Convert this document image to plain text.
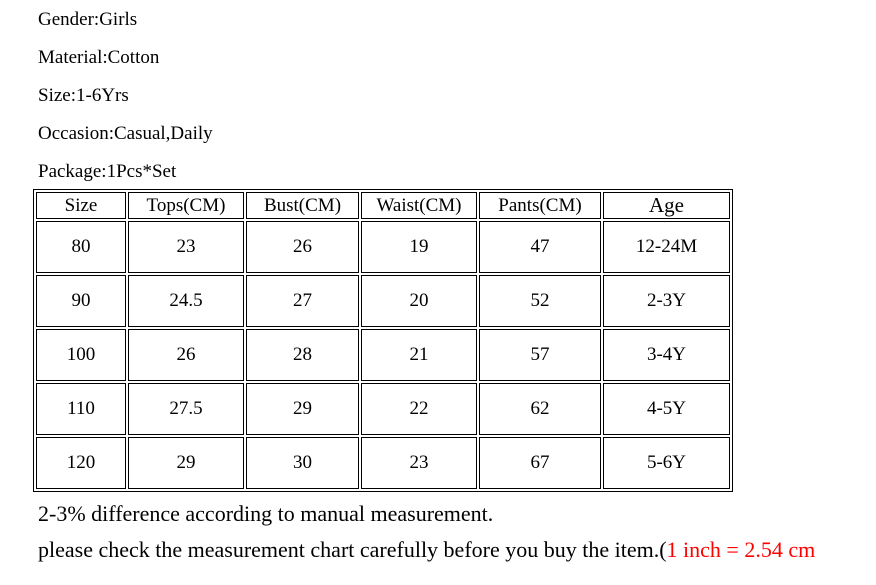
Gender:Girls
Material:Cotton
Size:1-6Yrs
Occasion:Casual,Daily
Package:1Pcs*Set
Size	Tops(CM)	Bust(CM)	Waist(CM)	Pants(CM)	Age
80	23	26	19	47	12-24M
90	24.5	27	20	52	2-3Y
100	26	28	21	57	3-4Y
110	27.5	29	22	62	4-5Y
120	29	30	23	67	5-6Y
2-3% difference according to manual measurement.
please check the measurement chart carefully before you buy the item.(1 inch = 2.54 cm
